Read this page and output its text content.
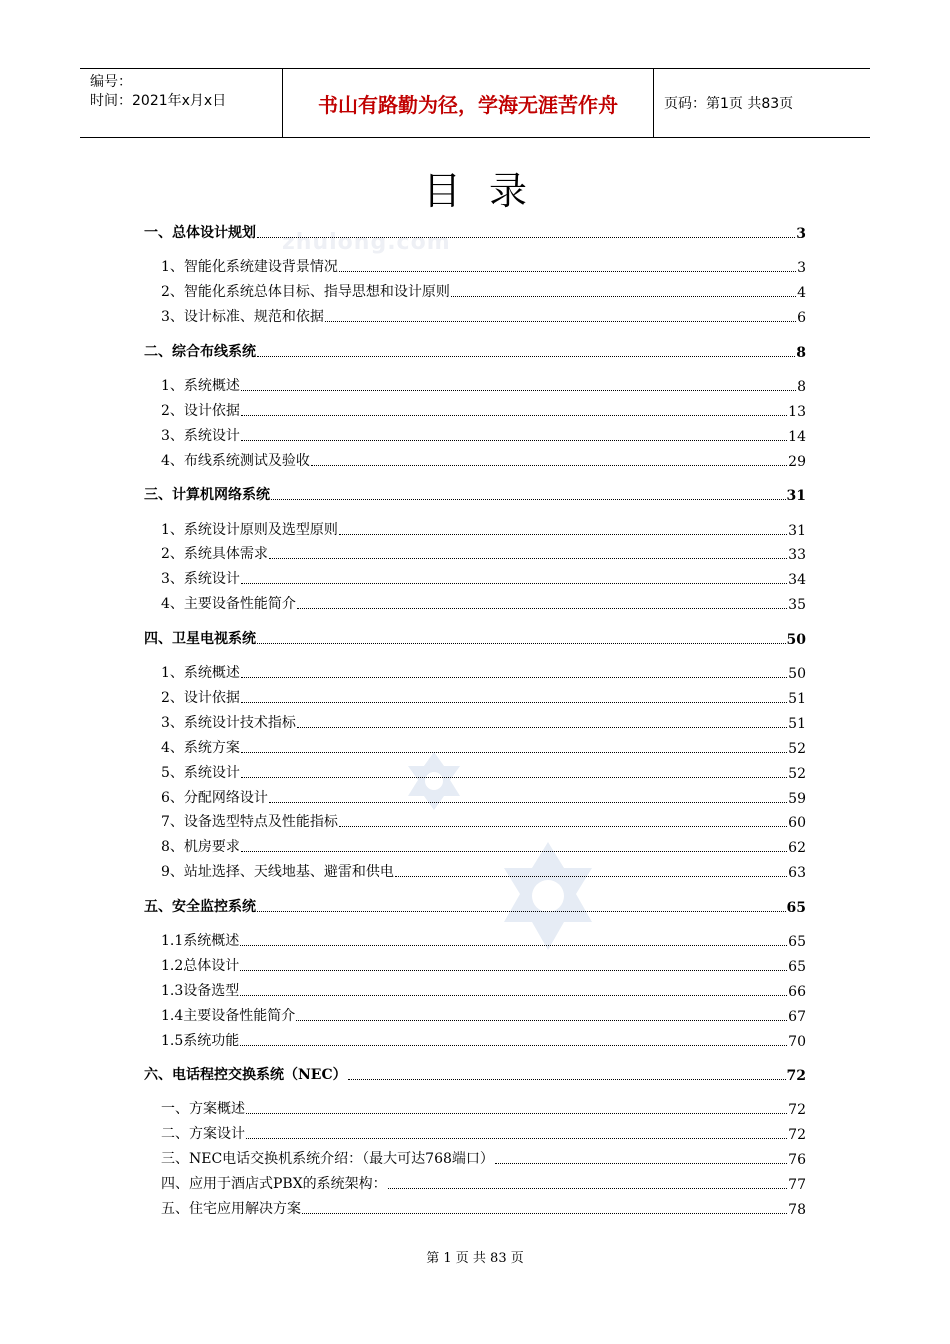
编号：
时间：2021年x月x日	书山有路勤为径，学海无涯苦作舟	页码：第1页 共83页
目录
zhulong.com
一、总体设计规划	3
1、智能化系统建设背景情况	3
2、智能化系统总体目标、指导思想和设计原则	4
3、设计标准、规范和依据	6
二、综合布线系统	8
1、系统概述	8
2、设计依据	13
3、系统设计	14
4、布线系统测试及验收	29
三、计算机网络系统	31
1、系统设计原则及选型原则	31
2、系统具体需求	33
3、系统设计	34
4、主要设备性能简介	35
四、卫星电视系统	50
1、系统概述	50
2、设计依据	51
3、系统设计技术指标	51
4、系统方案	52
5、系统设计	52
6、分配网络设计	59
7、设备选型特点及性能指标	60
8、机房要求	62
9、站址选择、天线地基、避雷和供电	63
五、安全监控系统	65
1.1系统概述	65
1.2总体设计	65
1.3设备选型	66
1.4主要设备性能简介	67
1.5系统功能	70
六、电话程控交换系统（NEC）	72
一、方案概述	72
二、方案设计	72
三、NEC电话交换机系统介绍：（最大可达768端口）	76
四、应用于酒店式PBX的系统架构：	77
五、住宅应用解决方案	78
第 1 页 共 83 页
